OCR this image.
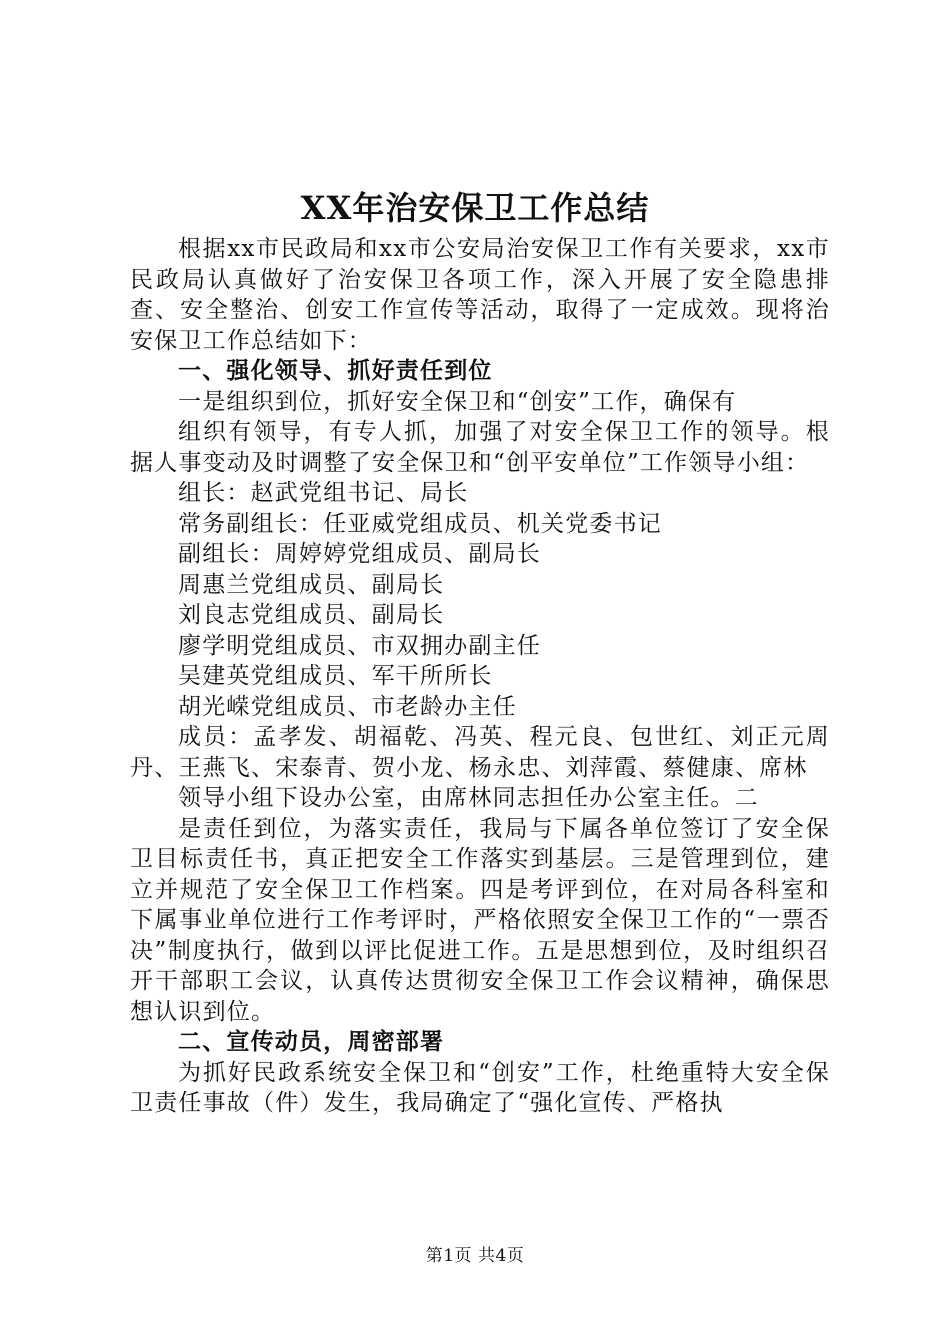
XX年治安保卫工作总结

根据xx市民政局和xx市公安局治安保卫工作有关要求，xx市民政局认真做好了治安保卫各项工作，深入开展了安全隐患排查、安全整治、创安工作宣传等活动，取得了一定成效。现将治安保卫工作总结如下：

一、强化领导、抓好责任到位

一是组织到位，抓好安全保卫和“创安”工作，确保有

组织有领导，有专人抓，加强了对安全保卫工作的领导。根据人事变动及时调整了安全保卫和“创平安单位”工作领导小组：

组长：赵武党组书记、局长

常务副组长：任亚威党组成员、机关党委书记

副组长：周婷婷党组成员、副局长

周惠兰党组成员、副局长

刘良志党组成员、副局长

廖学明党组成员、市双拥办副主任

吴建英党组成员、军干所所长

胡光嵘党组成员、市老龄办主任

成员：孟孝发、胡福乾、冯英、程元良、包世红、刘正元周丹、王燕飞、宋泰青、贺小龙、杨永忠、刘萍霞、蔡健康、席林

领导小组下设办公室，由席林同志担任办公室主任。二

是责任到位，为落实责任，我局与下属各单位签订了安全保卫目标责任书，真正把安全工作落实到基层。三是管理到位，建立并规范了安全保卫工作档案。四是考评到位，在对局各科室和下属事业单位进行工作考评时，严格依照安全保卫工作的“一票否决”制度执行，做到以评比促进工作。五是思想到位，及时组织召开干部职工会议，认真传达贯彻安全保卫工作会议精神，确保思想认识到位。

二、宣传动员，周密部署

为抓好民政系统安全保卫和“创安”工作，杜绝重特大安全保卫责任事故（件）发生，我局确定了“强化宣传、严格执

第1页 共4页
